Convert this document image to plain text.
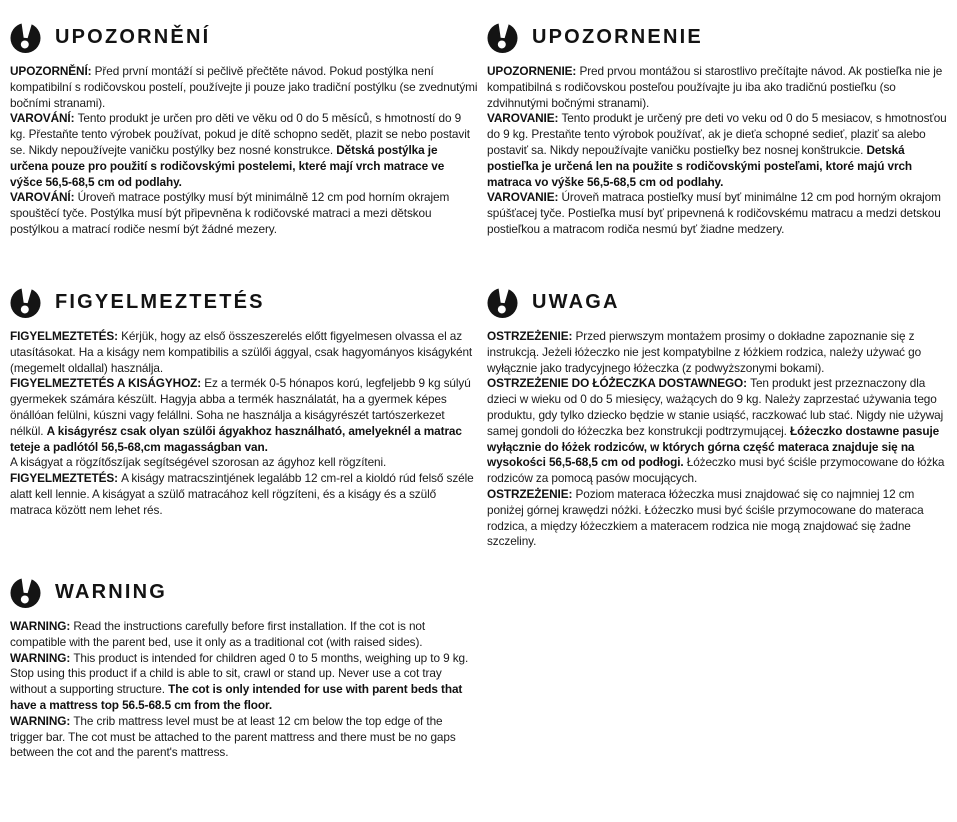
UPOZORNĚNÍ

UPOZORNĚNÍ: Před první montáží si pečlivě přečtěte návod. Pokud postýlka není kompatibilní s rodičovskou postelí, používejte ji pouze jako tradiční postýlku (se zvednutými bočními stranami).

VAROVÁNÍ: Tento produkt je určen pro děti ve věku od 0 do 5 měsíců, s hmotností do 9 kg. Přestaňte tento výrobek používat, pokud je dítě schopno sedět, plazit se nebo postavit se. Nikdy nepoužívejte vaničku postýlky bez nosné konstrukce. Dětská postýlka je určena pouze pro použití s rodičovskými postelemi, které mají vrch matrace ve výšce 56,5-68,5 cm od podlahy.

VAROVÁNÍ: Úroveň matrace postýlky musí být minimálně 12 cm pod horním okrajem spouštěcí tyče. Postýlka musí být připevněna k rodičovské matraci a mezi dětskou postýlkou a matrací rodiče nesmí být žádné mezery.

UPOZORNENIE

UPOZORNENIE: Pred prvou montážou si starostlivo prečítajte návod. Ak postieľka nie je kompatibilná s rodičovskou posteľou používajte ju iba ako tradičnú postieľku (so zdvihnutými bočnými stranami).

VAROVANIE: Tento produkt je určený pre deti vo veku od 0 do 5 mesiacov, s hmotnosťou do 9 kg. Prestaňte tento výrobok používať, ak je dieťa schopné sedieť, plaziť sa alebo postaviť sa. Nikdy nepoužívajte vaničku postieľky bez nosnej konštrukcie. Detská postieľka je určená len na použite s rodičovskými posteľami, ktoré majú vrch matraca vo výške 56,5-68,5 cm od podlahy.

VAROVANIE: Úroveň matraca postieľky musí byť minimálne 12 cm pod horným okrajom spúšťacej tyče. Postieľka musí byť pripevnená k rodičovskému matracu a medzi detskou postieľkou a matracom rodiča nesmú byť žiadne medzery.

FIGYELMEZTETÉS

FIGYELMEZTETÉS: Kérjük, hogy az első összeszerelés előtt figyelmesen olvassa el az utasításokat. Ha a kiságy nem kompatibilis a szülői ággyal, csak hagyományos kiságyként (megemelt oldallal) használja.

FIGYELMEZTETÉS A KISÁGYHOZ: Ez a termék 0-5 hónapos korú, legfeljebb 9 kg súlyú gyermekek számára készült. Hagyja abba a termék használatát, ha a gyermek képes önállóan felülni, kúszni vagy felállni. Soha ne használja a kiságyrészét tartószerkezet nélkül. A kiságyrész csak olyan szülői ágyakhoz használható, amelyeknél a matrac teteje a padlótól 56,5-68,cm magasságban van.

A kiságyat a rögzítőszíjak segítségével szorosan az ágyhoz kell rögzíteni.

FIGYELMEZTETÉS: A kiságy matracszintjének legalább 12 cm-rel a kioldó rúd felső széle alatt kell lennie. A kiságyat a szülő matracához kell rögzíteni, és a kiságy és a szülő matraca között nem lehet rés.

UWAGA

OSTRZEŻENIE: Przed pierwszym montażem prosimy o dokładne zapoznanie się z instrukcją. Jeżeli łóżeczko nie jest kompatybilne z łóżkiem rodzica, należy używać go wyłącznie jako tradycyjnego łóżeczka (z podwyższonymi bokami).

OSTRZEŻENIE DO ŁÓŻECZKA DOSTAWNEGO: Ten produkt jest przeznaczony dla dzieci w wieku od 0 do 5 miesięcy, ważących do 9 kg. Należy zaprzestać używania tego produktu, gdy tylko dziecko będzie w stanie usiąść, raczkować lub stać. Nigdy nie używaj samej gondoli do łóżeczka bez konstrukcji podtrzymującej. Łóżeczko dostawne pasuje wyłącznie do łóżek rodziców, w których górna część materaca znajduje się na wysokości 56,5-68,5 cm od podłogi. Łóżeczko musi być ściśle przymocowane do łóżka rodziców za pomocą pasów mocujących.

OSTRZEŻENIE: Poziom materaca łóżeczka musi znajdować się co najmniej 12 cm poniżej górnej krawędzi nóżki. Łóżeczko musi być ściśle przymocowane do materaca rodzica, a między łóżeczkiem a materacem rodzica nie mogą znajdować się żadne szczeliny.

WARNING

WARNING: Read the instructions carefully before first installation. If the cot is not compatible with the parent bed, use it only as a traditional cot (with raised sides).

WARNING: This product is intended for children aged 0 to 5 months, weighing up to 9 kg. Stop using this product if a child is able to sit, crawl or stand up. Never use a cot tray without a supporting structure. The cot is only intended for use with parent beds that have a mattress top 56.5-68.5 cm from the floor.

WARNING: The crib mattress level must be at least 12 cm below the top edge of the trigger bar. The cot must be attached to the parent mattress and there must be no gaps between the cot and the parent's mattress.
